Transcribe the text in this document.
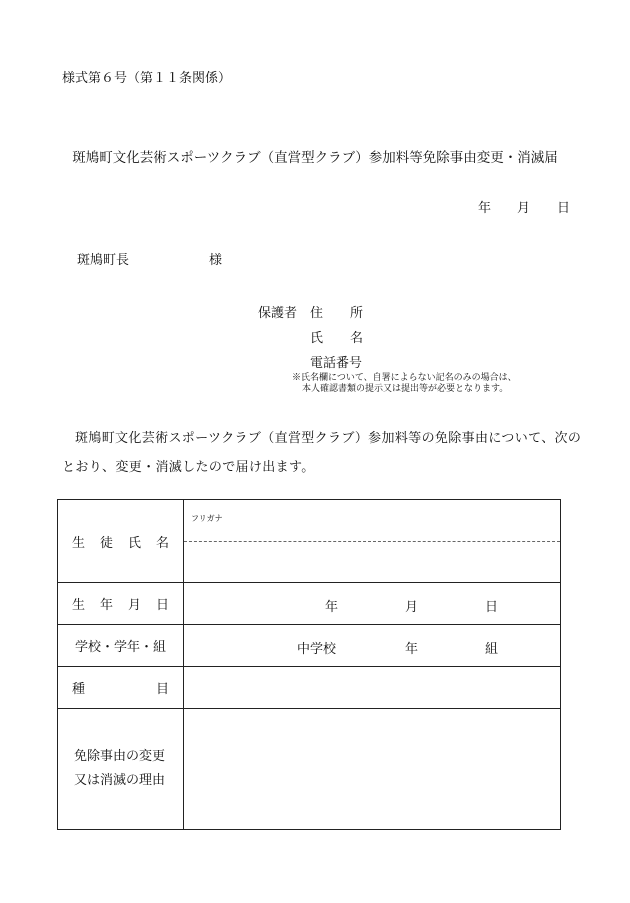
様式第６号（第１１条関係）
斑鳩町文化芸術スポーツクラブ（直営型クラブ）参加料等免除事由変更・消滅届
年 月 日
斑鳩町長	様
保護者 住 所
氏 名
電話番号
※氏名欄について、自署によらない記名のみの場合は、
本人確認書類の提示又は提出等が必要となります。
斑鳩町文化芸術スポーツクラブ（直営型クラブ）参加料等の免除事由について、次のとおり、変更・消滅したので届け出ます。
生 徒 氏 名	フリガナ

生 年 月 日	年 月 日

学校・学年・組	中学校 年 組

種 目	

免除事由の変更
又は消滅の理由	
